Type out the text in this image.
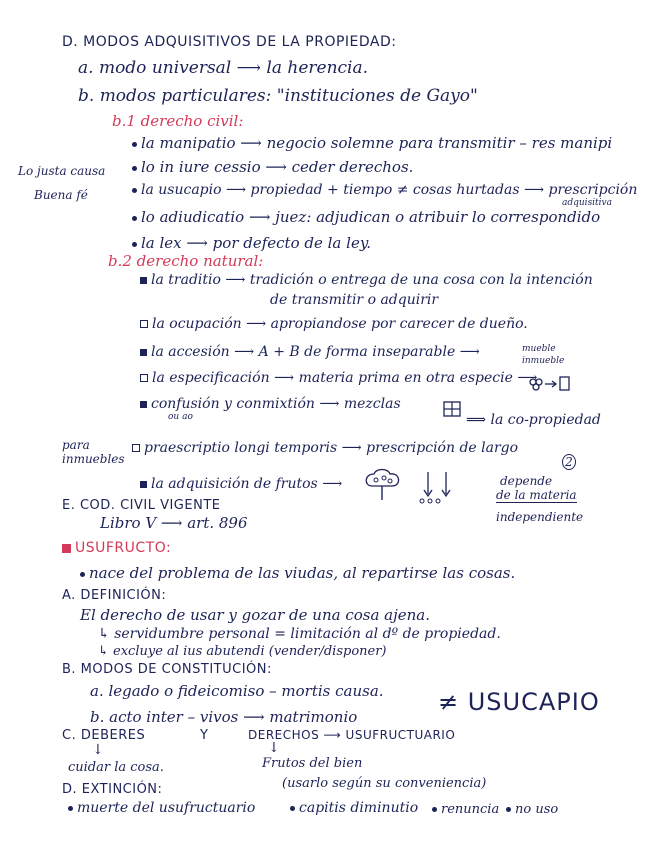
D. MODOS ADQUISITIVOS DE LA PROPIEDAD:
a. modo universal ⟶ la herencia.
b. modos particulares: "instituciones de Gayo"
b.1 derecho civil:
la manipatio ⟶ negocio solemne para transmitir – res manipi
lo in iure cessio ⟶ ceder derechos.
Lo justa causa
Buena fé	la usucapio ⟶ propiedad + tiempo ≠ cosas hurtadas ⟶ prescripción
adquisitiva
lo adiudicatio ⟶ juez: adjudican o atribuir lo correspondido
la lex ⟶ por defecto de la ley.
b.2 derecho natural:
la traditio ⟶ tradición o entrega de una cosa con la intención
de transmitir o adquirir
la ocupación ⟶ apropiandose por carecer de dueño.
la accesión ⟶ A + B de forma inseparable ⟶	mueble
inmueble
la especificación ⟶ materia prima en otra especie ⟶
confusión y conmixtión ⟶ mezclas
⟹ la co-propiedad
ou ao
para
inmuebles
praescriptio longi temporis ⟶ prescripción de largo
2
la adquisición de frutos ⟶	depende
de la materia
independiente
E. COD. CIVIL VIGENTE
Libro V ⟶ art. 896
USUFRUCTO:
nace del problema de las viudas, al repartirse las cosas.
A. DEFINICIÓN:
El derecho de usar y gozar de una cosa ajena.
↳ servidumbre personal = limitación al dº de propiedad.
↳ excluye al ius abutendi (vender/disponer)
B. MODOS DE CONSTITUCIÓN:
a. legado o fideicomiso – mortis causa.
b. acto inter – vivos ⟶ matrimonio
≠ USUCAPIO
C. DEBERES	Y	DERECHOS ⟶ USUFRUCTUARIO
↓	↓
cuidar la cosa.	Frutos del bien
(usarlo según su conveniencia)
D. EXTINCIÓN:
muerte del usufructuario	capitis diminutio	renuncia	no uso
